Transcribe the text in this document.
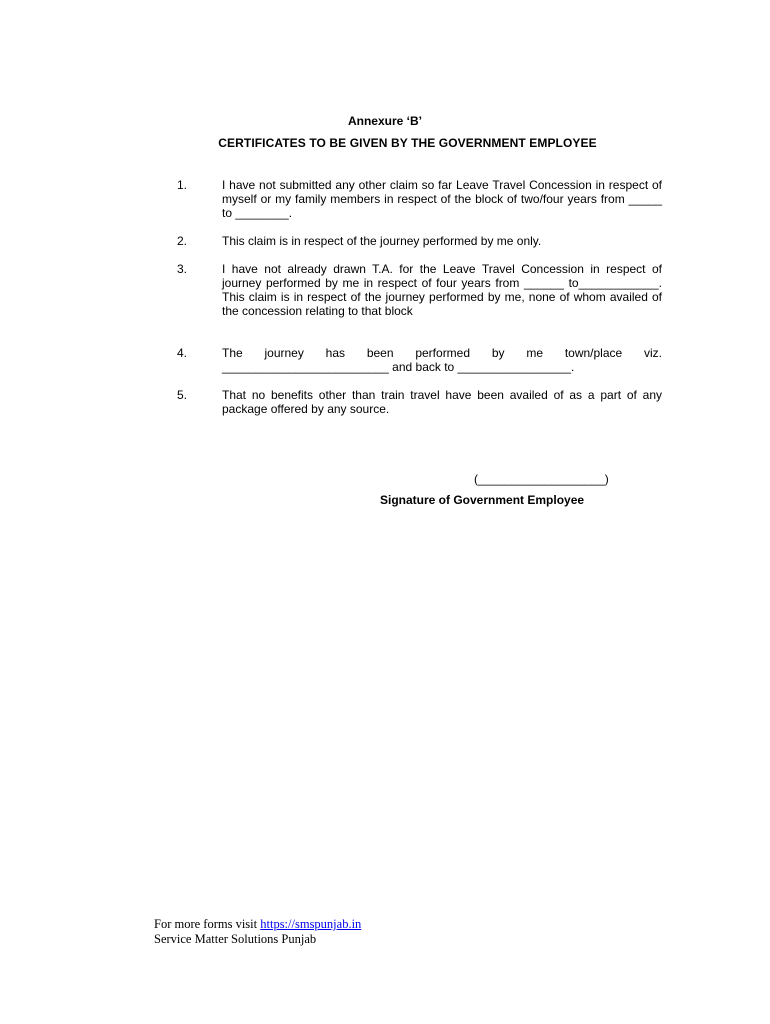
Annexure ‘B’
CERTIFICATES TO BE GIVEN BY THE GOVERNMENT EMPLOYEE
1.	I have not submitted any other claim so far Leave Travel Concession in respect of myself or my family members in respect of the block of two/four years from _____ to ________.
2.	This claim is in respect of the journey performed by me only.
3.	I have not already drawn T.A. for the Leave Travel Concession in respect of journey performed by me in respect of four years from ______ to____________. This claim is in respect of the journey performed by me, none of whom availed of the concession relating to that block
4.	The journey has been performed by me town/place viz. _________________________ and back to _________________.
5.	That no benefits other than train travel have been availed of as a part of any package offered by any source.
(___________________)
Signature of Government Employee
For more forms visit https://smspunjab.in
Service Matter Solutions Punjab
